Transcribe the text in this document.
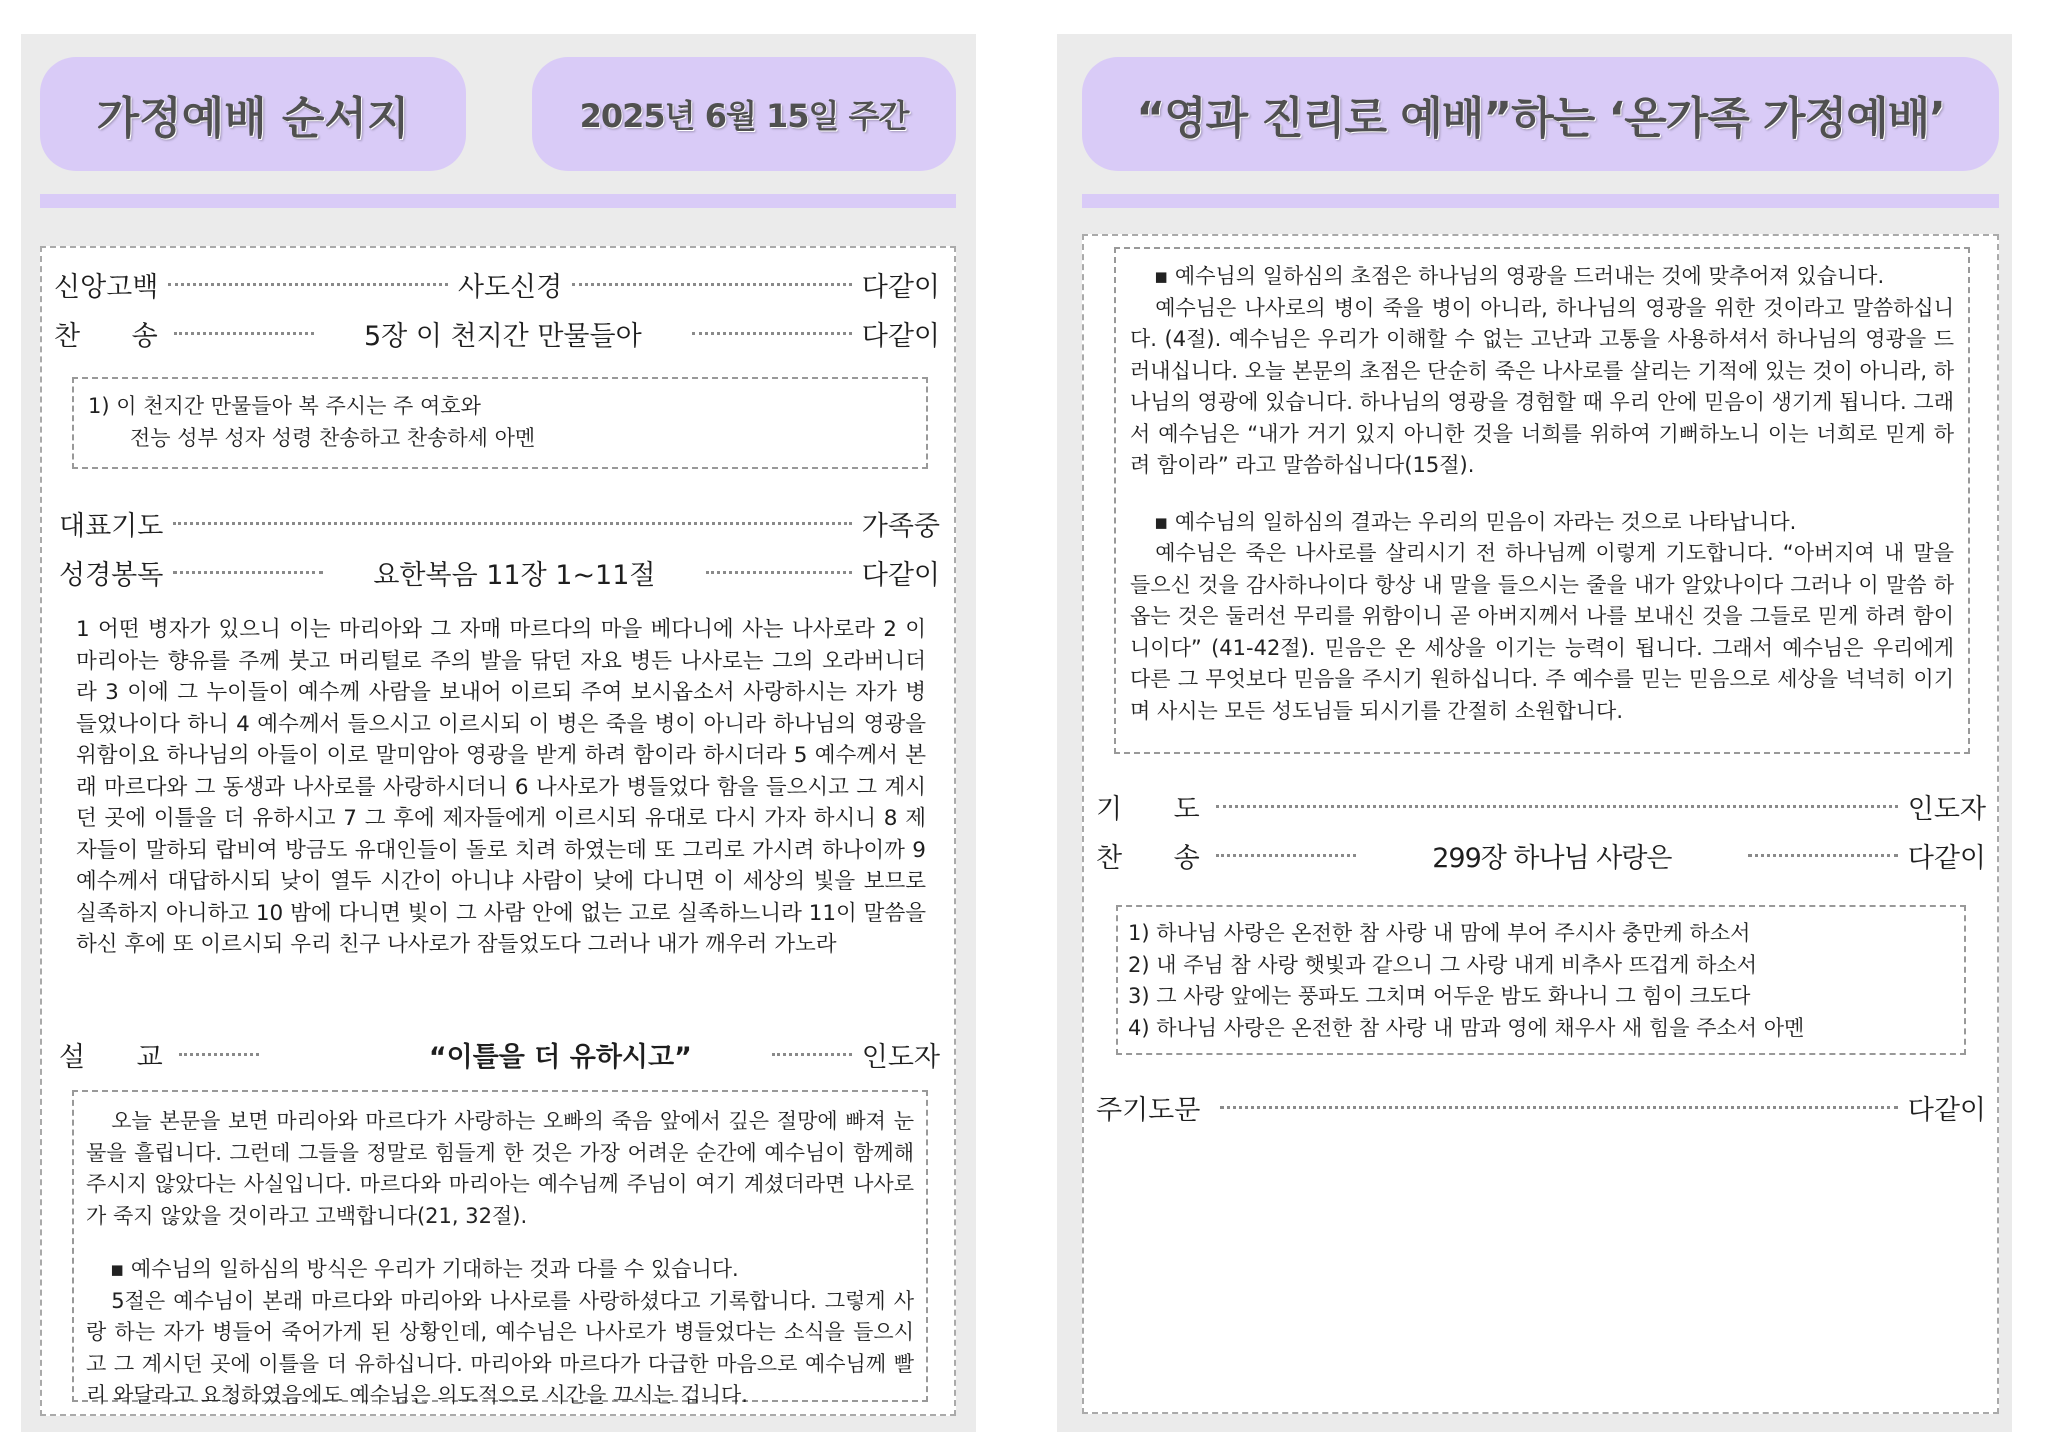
가정예배 순서지	2025년 6월 15일 주간
신앙고백	사도신경	다같이
찬      송	5장 이 천지간 만물들아	다같이
1) 이 천지간 만물들아 복 주시는 주 여호와
전능 성부 성자 성령 찬송하고 찬송하세 아멘
대표기도	가족중
성경봉독	요한복음 11장 1~11절	다같이
1 어떤 병자가 있으니 이는 마리아와 그 자매 마르다의 마을 베다니에 사는 나사로라 2 이 마리아는 향유를 주께 붓고 머리털로 주의 발을 닦던 자요 병든 나사로는 그의 오라버니더라 3 이에 그 누이들이 예수께 사람을 보내어 이르되 주여 보시옵소서 사랑하시는 자가 병들었나이다 하니 4 예수께서 들으시고 이르시되 이 병은 죽을 병이 아니라 하나님의 영광을 위함이요 하나님의 아들이 이로 말미암아 영광을 받게 하려 함이라 하시더라 5 예수께서 본래 마르다와 그 동생과 나사로를 사랑하시더니 6 나사로가 병들었다 함을 들으시고 그 계시던 곳에 이틀을 더 유하시고 7 그 후에 제자들에게 이르시되 유대로 다시 가자 하시니 8 제자들이 말하되 랍비여 방금도 유대인들이 돌로 치려 하였는데 또 그리로 가시려 하나이까 9 예수께서 대답하시되 낮이 열두 시간이 아니냐 사람이 낮에 다니면 이 세상의 빛을 보므로 실족하지 아니하고 10 밤에 다니면 빛이 그 사람 안에 없는 고로 실족하느니라 11이 말씀을 하신 후에 또 이르시되 우리 친구 나사로가 잠들었도다 그러나 내가 깨우러 가노라
설      교	“이틀을 더 유하시고”	인도자

오늘 본문을 보면 마리아와 마르다가 사랑하는 오빠의 죽음 앞에서 깊은 절망에 빠져 눈물을 흘립니다. 그런데 그들을 정말로 힘들게 한 것은 가장 어려운 순간에 예수님이 함께해 주시지 않았다는 사실입니다. 마르다와 마리아는 예수님께 주님이 여기 계셨더라면 나사로가 죽지 않았을 것이라고 고백합니다(21, 32절).

▪ 예수님의 일하심의 방식은 우리가 기대하는 것과 다를 수 있습니다.

5절은 예수님이 본래 마르다와 마리아와 나사로를 사랑하셨다고 기록합니다. 그렇게 사랑 하는 자가 병들어 죽어가게 된 상황인데, 예수님은 나사로가 병들었다는 소식을 들으시고 그 계시던 곳에 이틀을 더 유하십니다. 마리아와 마르다가 다급한 마음으로 예수님께 빨리 와달라고 요청하였음에도 예수님은 의도적으로 시간을 끄시는 겁니다.

“영과 진리로 예배”하는 ‘온가족 가정예배’

▪ 예수님의 일하심의 초점은 하나님의 영광을 드러내는 것에 맞추어져 있습니다.

예수님은 나사로의 병이 죽을 병이 아니라, 하나님의 영광을 위한 것이라고 말씀하십니다. (4절). 예수님은 우리가 이해할 수 없는 고난과 고통을 사용하셔서 하나님의 영광을 드러내십니다. 오늘 본문의 초점은 단순히 죽은 나사로를 살리는 기적에 있는 것이 아니라, 하나님의 영광에 있습니다. 하나님의 영광을 경험할 때 우리 안에 믿음이 생기게 됩니다. 그래서 예수님은 “내가 거기 있지 아니한 것을 너희를 위하여 기뻐하노니 이는 너희로 믿게 하려 함이라” 라고 말씀하십니다(15절).

▪ 예수님의 일하심의 결과는 우리의 믿음이 자라는 것으로 나타납니다.

예수님은 죽은 나사로를 살리시기 전 하나님께 이렇게 기도합니다. “아버지여 내 말을 들으신 것을 감사하나이다 항상 내 말을 들으시는 줄을 내가 알았나이다 그러나 이 말씀 하옵는 것은 둘러선 무리를 위함이니 곧 아버지께서 나를 보내신 것을 그들로 믿게 하려 함이니이다” (41-42절). 믿음은 온 세상을 이기는 능력이 됩니다. 그래서 예수님은 우리에게 다른 그 무엇보다 믿음을 주시기 원하십니다. 주 예수를 믿는 믿음으로 세상을 넉넉히 이기며 사시는 모든 성도님들 되시기를 간절히 소원합니다.

기      도	인도자
찬      송	299장 하나님 사랑은	다같이
1) 하나님 사랑은 온전한 참 사랑 내 맘에 부어 주시사 충만케 하소서
2) 내 주님 참 사랑 햇빛과 같으니 그 사랑 내게 비추사 뜨겁게 하소서
3) 그 사랑 앞에는 풍파도 그치며 어두운 밤도 화나니 그 힘이 크도다
4) 하나님 사랑은 온전한 참 사랑 내 맘과 영에 채우사 새 힘을 주소서 아멘
주기도문	다같이
